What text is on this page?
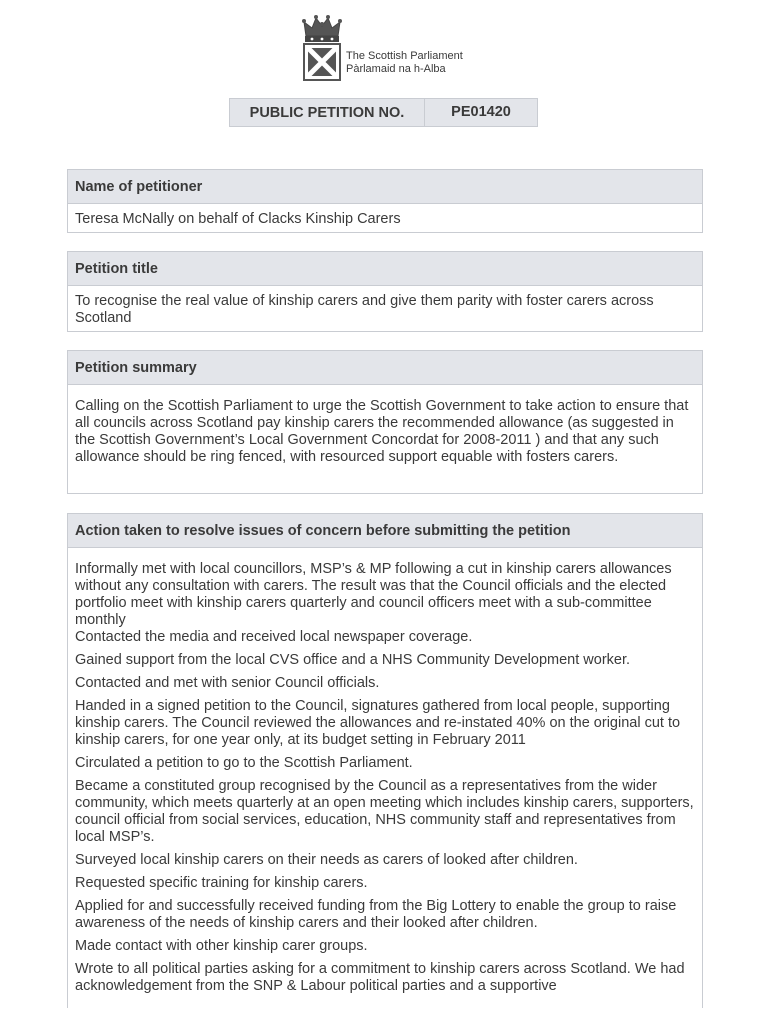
The Scottish Parliament
Pàrlamaid na h-Alba
PUBLIC PETITION NO.	PE01420
Name of petitioner
Teresa McNally on behalf of Clacks Kinship Carers
Petition title
To recognise the real value of kinship carers and give them parity with foster carers across Scotland
Petition summary
Calling on the Scottish Parliament to urge the Scottish Government to take action to ensure that all councils across Scotland pay kinship carers the recommended allowance (as suggested in the Scottish Government’s Local Government Concordat for 2008-2011 ) and that any such allowance should be ring fenced, with resourced support equable with fosters carers.
Action taken to resolve issues of concern before submitting the petition

Informally met with local councillors, MSP’s & MP following a cut in kinship carers allowances without any consultation with carers. The result was that the Council officials and the elected portfolio meet with kinship carers quarterly and council officers meet with a sub-committee monthly

Contacted the media and received local newspaper coverage.

Gained support from the local CVS office and a NHS Community Development worker.

Contacted and met with senior Council officials.

Handed in a signed petition to the Council, signatures gathered from local people, supporting kinship carers. The Council reviewed the allowances and re-instated 40% on the original cut to kinship carers, for one year only, at its budget setting in February 2011

Circulated a petition to go to the Scottish Parliament.

Became a constituted group recognised by the Council as a representatives from the wider community, which meets quarterly at an open meeting which includes kinship carers, supporters, council official from social services, education, NHS community staff and representatives from local MSP’s.

Surveyed local kinship carers on their needs as carers of looked after children.

Requested specific training for kinship carers.

Applied for and successfully received funding from the Big Lottery to enable the group to raise awareness of the needs of kinship carers and their looked after children.

Made contact with other kinship carer groups.

Wrote to all political parties asking for a commitment to kinship carers across Scotland. We had acknowledgement from the SNP & Labour political parties and a supportive
